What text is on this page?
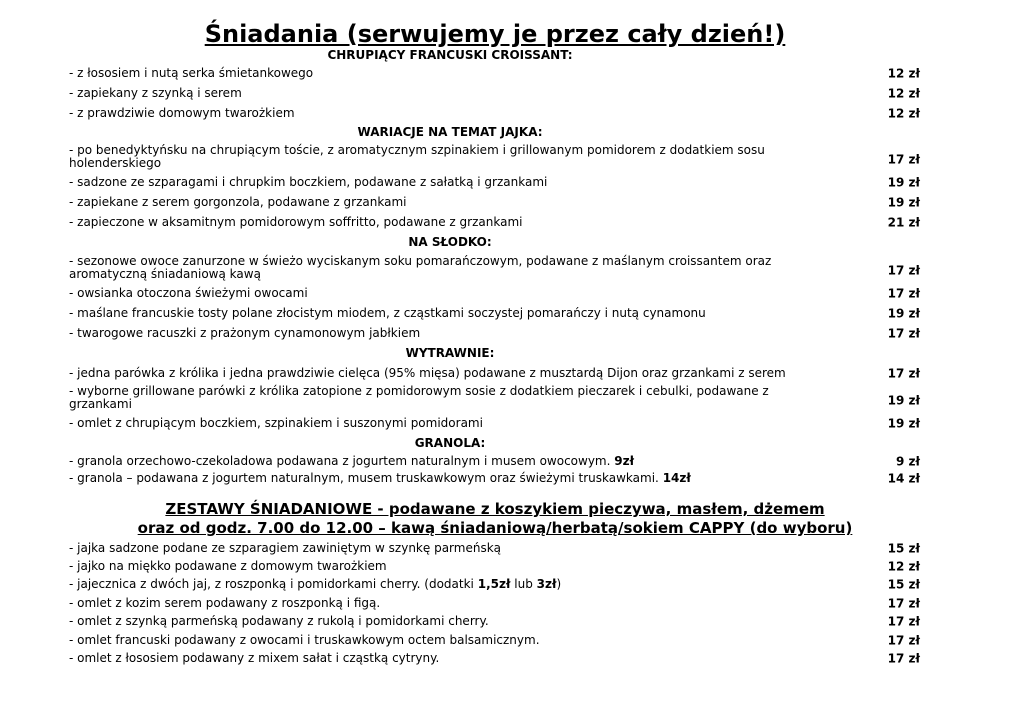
Śniadania (serwujemy je przez cały dzień!)
CHRUPIĄCY FRANCUSKI CROISSANT:
- z łososiem i nutą serka śmietankowego	12 zł
- zapiekany z szynką i serem	12 zł
- z prawdziwie domowym twarożkiem	12 zł
WARIACJE NA TEMAT JAJKA:
- po benedyktyńsku na chrupiącym toście, z aromatycznym szpinakiem i grillowanym pomidorem z dodatkiem sosu holenderskiego	17 zł
- sadzone ze szparagami i chrupkim boczkiem, podawane z sałatką i grzankami	19 zł
- zapiekane z serem gorgonzola, podawane z grzankami	19 zł
- zapieczone w aksamitnym pomidorowym soffritto, podawane z grzankami	21 zł
NA SŁODKO:
- sezonowe owoce zanurzone w świeżo wyciskanym soku pomarańczowym, podawane z maślanym croissantem oraz aromatyczną śniadaniową kawą	17 zł
- owsianka otoczona świeżymi owocami	17 zł
- maślane francuskie tosty polane złocistym miodem, z cząstkami soczystej pomarańczy i nutą cynamonu	19 zł
- twarogowe racuszki z prażonym cynamonowym jabłkiem	17 zł
WYTRAWNIE:
- jedna parówka z królika i jedna prawdziwie cielęca (95% mięsa) podawane z musztardą Dijon oraz grzankami z serem	17 zł
- wyborne grillowane parówki z królika zatopione z pomidorowym sosie z dodatkiem pieczarek i cebulki, podawane z grzankami	19 zł
- omlet z chrupiącym boczkiem, szpinakiem i suszonymi pomidorami	19 zł
GRANOLA:
- granola orzechowo-czekoladowa podawana z jogurtem naturalnym i musem owocowym. 9zł	9 zł
- granola – podawana z jogurtem naturalnym, musem truskawkowym oraz świeżymi truskawkami. 14zł	14 zł
ZESTAWY ŚNIADANIOWE - podawane z koszykiem pieczywa, masłem, dżemem
oraz od godz. 7.00 do 12.00 – kawą śniadaniową/herbatą/sokiem CAPPY (do wyboru)
- jajka sadzone podane ze szparagiem zawiniętym w szynkę parmeńską	15 zł
- jajko na miękko podawane z domowym twarożkiem	12 zł
- jajecznica z dwóch jaj, z roszponką i pomidorkami cherry. (dodatki 1,5zł lub 3zł)	15 zł
- omlet z kozim serem podawany z roszponką i figą.	17 zł
- omlet z szynką parmeńską podawany z rukolą i pomidorkami cherry.	17 zł
- omlet francuski podawany z owocami i truskawkowym octem balsamicznym.	17 zł
- omlet z łososiem podawany z mixem sałat i cząstką cytryny.	17 zł
